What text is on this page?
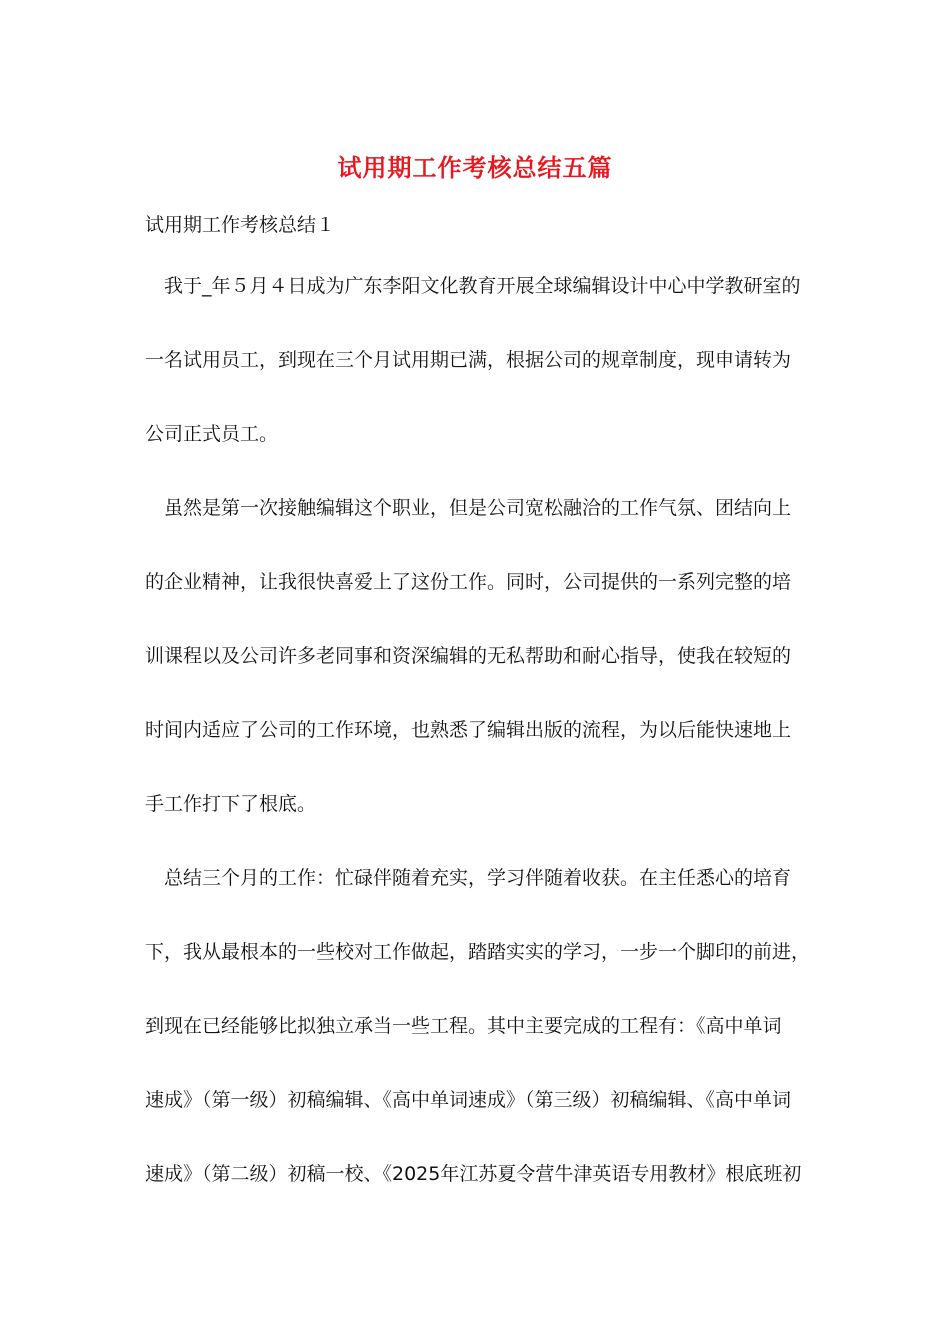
试用期工作考核总结五篇
试用期工作考核总结１
我于_年５月４日成为广东李阳文化教育开展全球编辑设计中心中学教研室的
一名试用员工，到现在三个月试用期已满，根据公司的规章制度，现申请转为
公司正式员工。
虽然是第一次接触编辑这个职业，但是公司宽松融洽的工作气氛、团结向上
的企业精神，让我很快喜爱上了这份工作。同时，公司提供的一系列完整的培
训课程以及公司许多老同事和资深编辑的无私帮助和耐心指导，使我在较短的
时间内适应了公司的工作环境，也熟悉了编辑出版的流程，为以后能快速地上
手工作打下了根底。
总结三个月的工作：忙碌伴随着充实，学习伴随着收获。在主任悉心的培育
下，我从最根本的一些校对工作做起，踏踏实实的学习，一步一个脚印的前进，
到现在已经能够比拟独立承当一些工程。其中主要完成的工程有：《高中单词
速成》（第一级）初稿编辑、《高中单词速成》（第三级）初稿编辑、《高中单词
速成》（第二级）初稿一校、《2025年江苏夏令营牛津英语专用教材》根底班初
